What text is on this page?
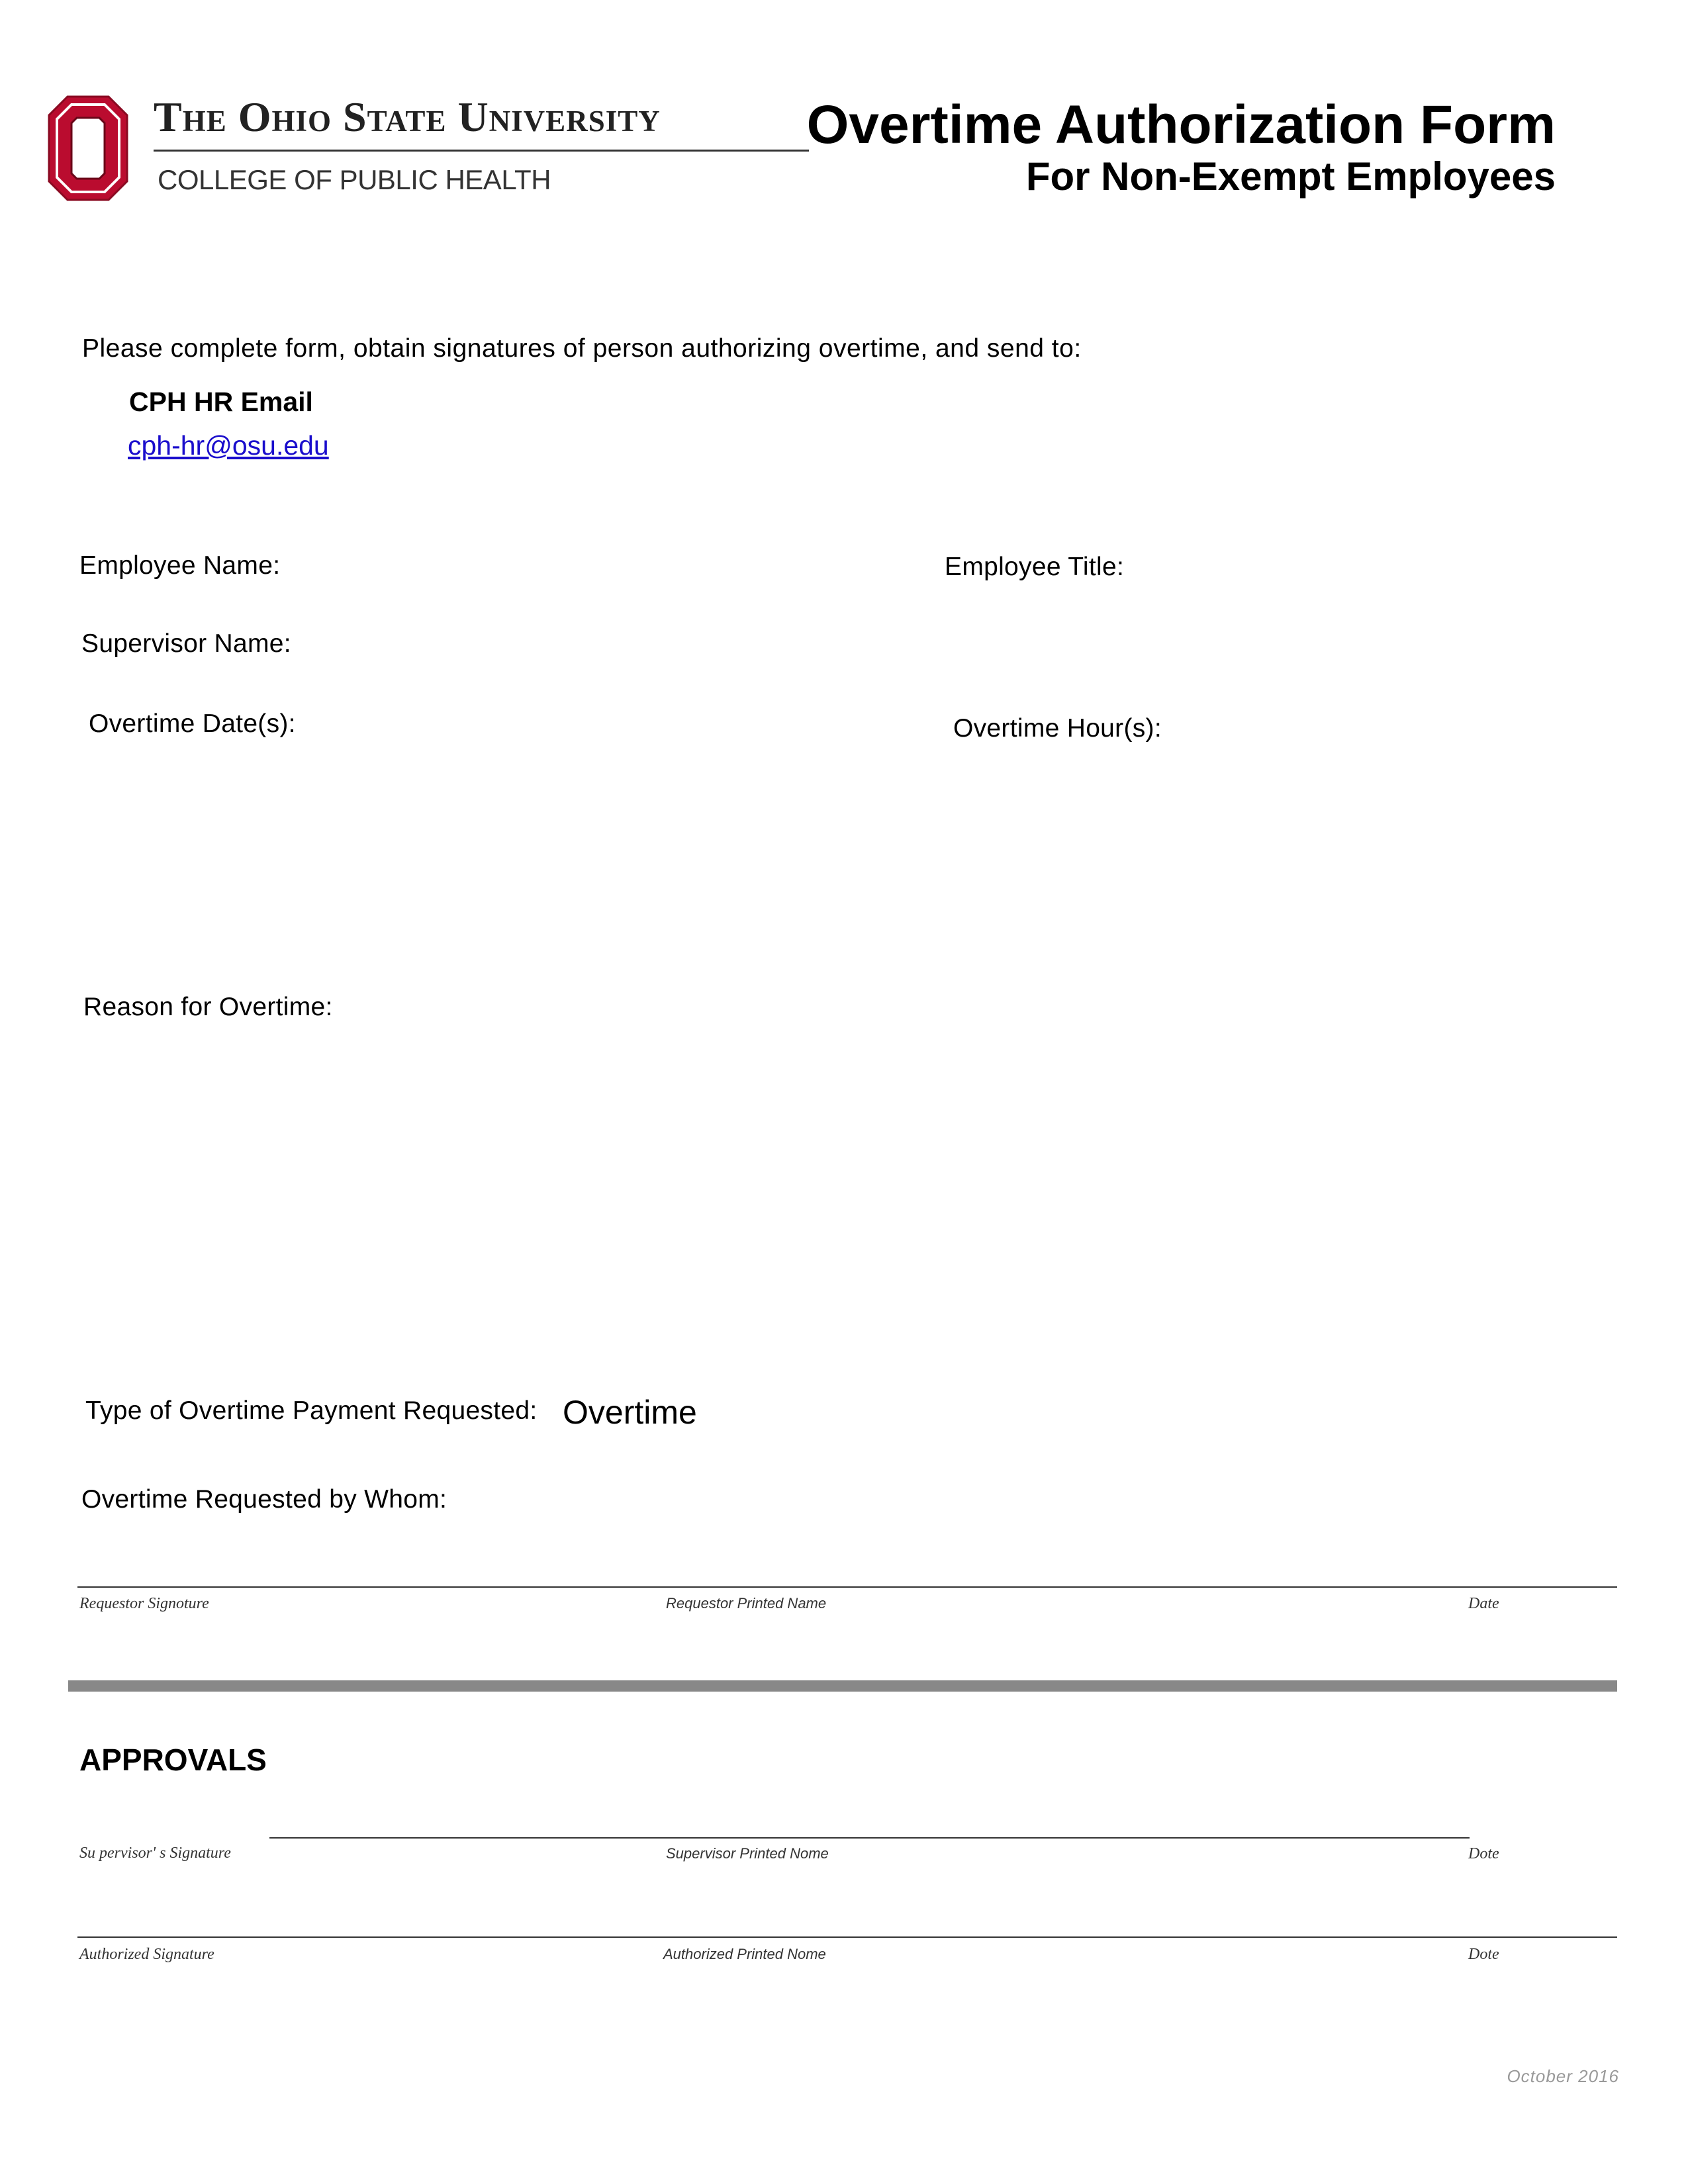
The Ohio State University
COLLEGE OF PUBLIC HEALTH
Overtime Authorization Form
For Non-Exempt Employees
Please complete form, obtain signatures of person authorizing overtime, and send to:
CPH HR Email
cph-hr@osu.edu
Employee Name:	Employee Title:
Supervisor Name:
Overtime Date(s):	Overtime Hour(s):
Reason for Overtime:
Type of Overtime Payment Requested: Overtime
Overtime Requested by Whom:
Requestor Signoture	Requestor Printed Name	Date
APPROVALS
Su pervisor' s Signature	Supervisor Printed Nome	Dote
Authorized Signature	Authorized Printed Nome	Dote
October 2016
